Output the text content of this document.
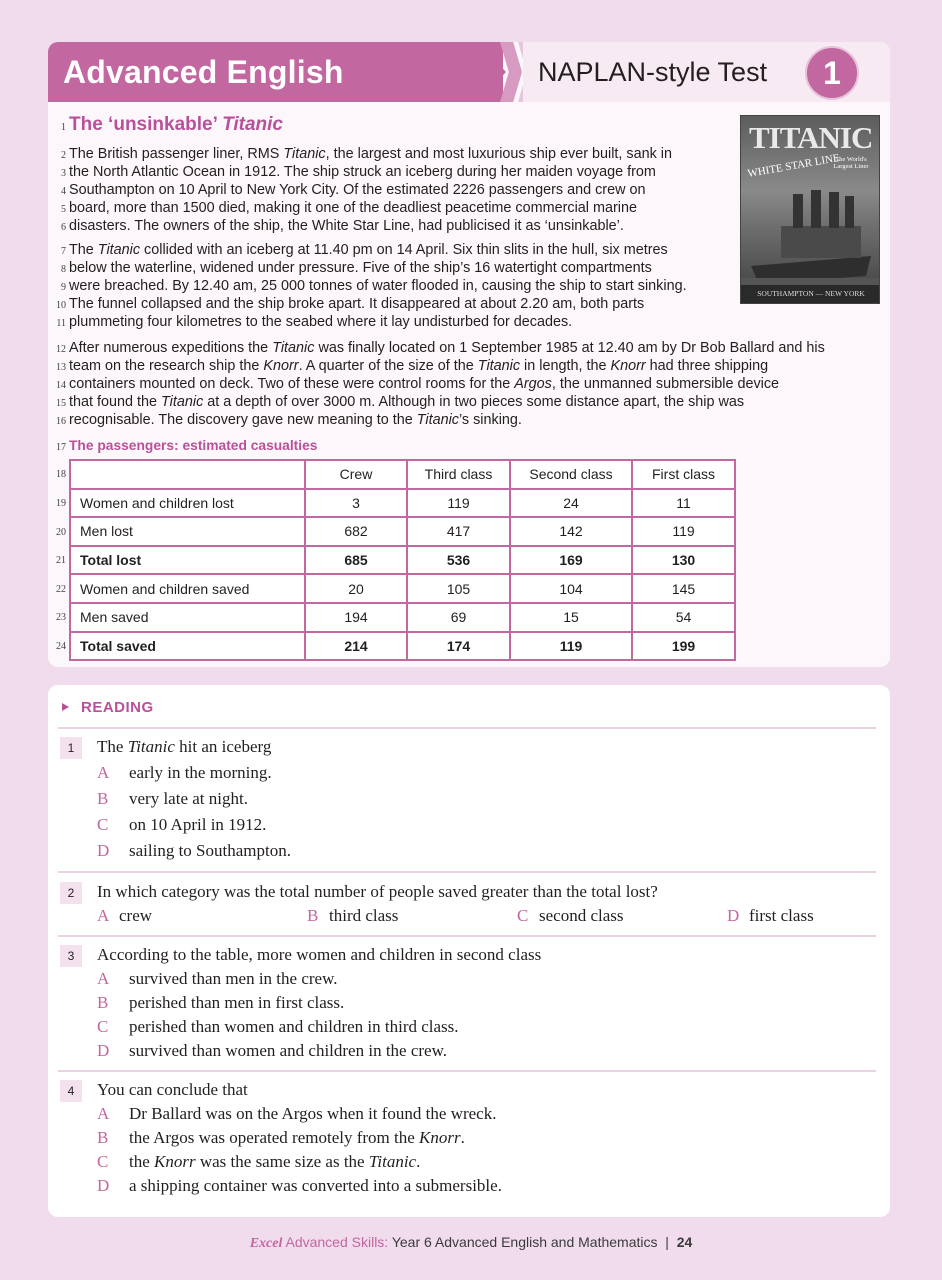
Advanced English	NAPLAN-style Test	1
1 The ‘unsinkable’ Titanic	TITANIC
WHITE STAR LINE
The World's Largest Liner
SOUTHAMPTON — NEW YORK
2 The British passenger liner, RMS Titanic, the largest and most luxurious ship ever built, sank in
3 the North Atlantic Ocean in 1912. The ship struck an iceberg during her maiden voyage from
4 Southampton on 10 April to New York City. Of the estimated 2226 passengers and crew on
5 board, more than 1500 died, making it one of the deadliest peacetime commercial marine
6 disasters. The owners of the ship, the White Star Line, had publicised it as ‘unsinkable’.
7 The Titanic collided with an iceberg at 11.40 pm on 14 April. Six thin slits in the hull, six metres
8 below the waterline, widened under pressure. Five of the ship’s 16 watertight compartments
9 were breached. By 12.40 am, 25 000 tonnes of water flooded in, causing the ship to start sinking.
10 The funnel collapsed and the ship broke apart. It disappeared at about 2.20 am, both parts
11 plummeting four kilometres to the seabed where it lay undisturbed for decades.
12 After numerous expeditions the Titanic was finally located on 1 September 1985 at 12.40 am by Dr Bob Ballard and his
13 team on the research ship the Knorr. A quarter of the size of the Titanic in length, the Knorr had three shipping
14 containers mounted on deck. Two of these were control rooms for the Argos, the unmanned submersible device
15 that found the Titanic at a depth of over 3000 m. Although in two pieces some distance apart, the ship was
16 recognisable. The discovery gave new meaning to the Titanic’s sinking.
17 The passengers: estimated casualties
18
		Crew	Third class	Second class	First class
Women and children lost	3	119	24	11
Men lost	682	417	142	119
Total lost	685	536	169	130
Women and children saved	20	105	104	145
Men saved	194	69	15	54
Total saved	214	174	119	199
19
20
21
22
23
24
READING
1	The Titanic hit an iceberg
A early in the morning.
B very late at night.
C on 10 April in 1912.
D sailing to Southampton.
2	In which category was the total number of people saved greater than the total lost?
A crew	B third class	C second class	D first class
3	According to the table, more women and children in second class
A survived than men in the crew.
B perished than men in first class.
C perished than women and children in third class.
D survived than women and children in the crew.
4	You can conclude that
A Dr Ballard was on the Argos when it found the wreck.
B the Argos was operated remotely from the Knorr.
C the Knorr was the same size as the Titanic.
D a shipping container was converted into a submersible.
Excel Advanced Skills: Year 6 Advanced English and Mathematics | 24
